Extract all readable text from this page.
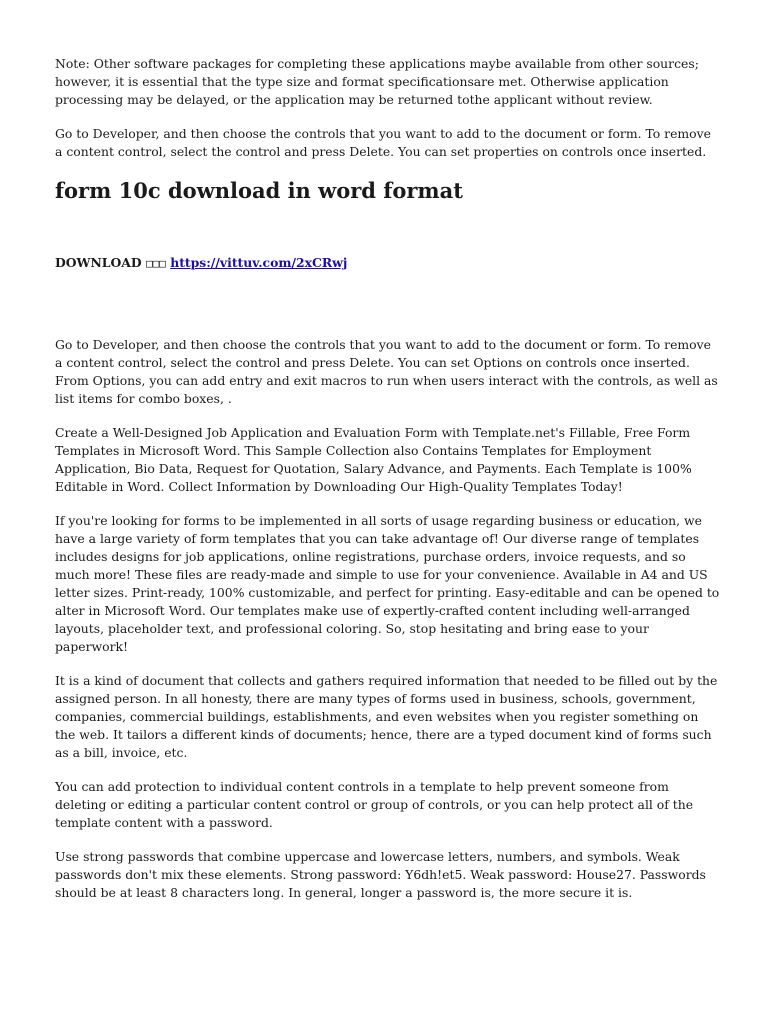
Note: Other software packages for completing these applications maybe available from other sources; however, it is essential that the type size and format specificationsare met. Otherwise application processing may be delayed, or the application may be returned tothe applicant without review.

Go to Developer, and then choose the controls that you want to add to the document or form. To remove a content control, select the control and press Delete. You can set properties on controls once inserted.

form 10c download in word format
DOWNLOAD □□□ https://vittuv.com/2xCRwj

Go to Developer, and then choose the controls that you want to add to the document or form. To remove a content control, select the control and press Delete. You can set Options on controls once inserted. From Options, you can add entry and exit macros to run when users interact with the controls, as well as list items for combo boxes, .

Create a Well-Designed Job Application and Evaluation Form with Template.net's Fillable, Free Form Templates in Microsoft Word. This Sample Collection also Contains Templates for Employment Application, Bio Data, Request for Quotation, Salary Advance, and Payments. Each Template is 100% Editable in Word. Collect Information by Downloading Our High-Quality Templates Today!

If you're looking for forms to be implemented in all sorts of usage regarding business or education, we have a large variety of form templates that you can take advantage of! Our diverse range of templates includes designs for job applications, online registrations, purchase orders, invoice requests, and so much more! These files are ready-made and simple to use for your convenience. Available in A4 and US letter sizes. Print-ready, 100% customizable, and perfect for printing. Easy-editable and can be opened to alter in Microsoft Word. Our templates make use of expertly-crafted content including well-arranged layouts, placeholder text, and professional coloring. So, stop hesitating and bring ease to your paperwork!

It is a kind of document that collects and gathers required information that needed to be filled out by the assigned person. In all honesty, there are many types of forms used in business, schools, government, companies, commercial buildings, establishments, and even websites when you register something on the web. It tailors a different kinds of documents; hence, there are a typed document kind of forms such as a bill, invoice, etc.

You can add protection to individual content controls in a template to help prevent someone from deleting or editing a particular content control or group of controls, or you can help protect all of the template content with a password.

Use strong passwords that combine uppercase and lowercase letters, numbers, and symbols. Weak passwords don't mix these elements. Strong password: Y6dh!et5. Weak password: House27. Passwords should be at least 8 characters long. In general, longer a password is, the more secure it is.
